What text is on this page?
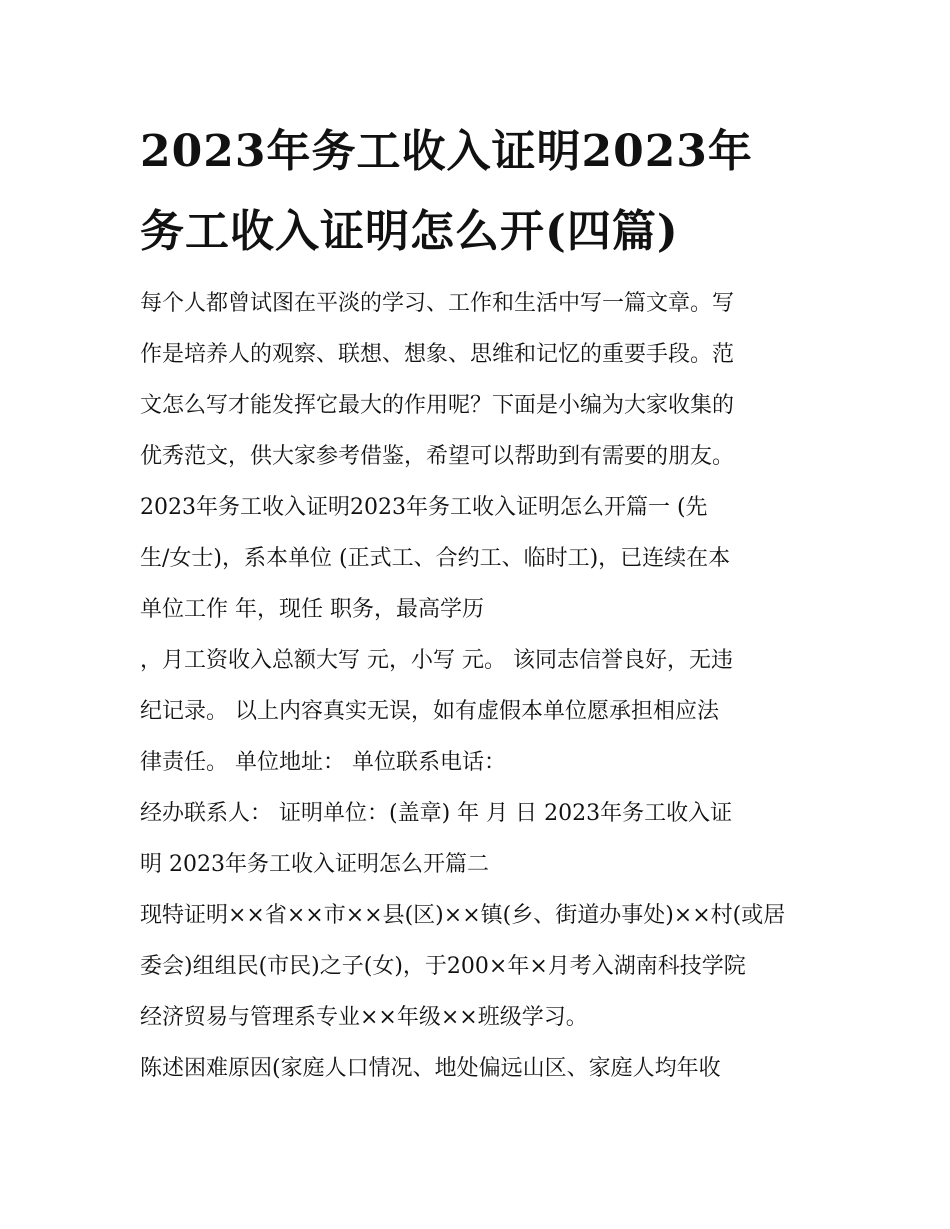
2023年务工收入证明2023年
务工收入证明怎么开(四篇)

每个人都曾试图在平淡的学习、工作和生活中写一篇文章。写

作是培养人的观察、联想、想象、思维和记忆的重要手段。范

文怎么写才能发挥它最大的作用呢？下面是小编为大家收集的

优秀范文，供大家参考借鉴，希望可以帮助到有需要的朋友。

2023年务工收入证明2023年务工收入证明怎么开篇一 (先

生/女士)，系本单位 (正式工、合约工、临时工)，已连续在本

单位工作 年，现任 职务，最高学历

，月工资收入总额大写 元，小写 元。 该同志信誉良好，无违

纪记录。 以上内容真实无误，如有虚假本单位愿承担相应法

律责任。 单位地址： 单位联系电话：

经办联系人： 证明单位：(盖章) 年 月 日 2023年务工收入证

明 2023年务工收入证明怎么开篇二

现特证明××省××市××县(区)××镇(乡、街道办事处)××村(或居

委会)组组民(市民)之子(女)，于200×年×月考入湖南科技学院

经济贸易与管理系专业××年级××班级学习。

陈述困难原因(家庭人口情况、地处偏远山区、家庭人均年收
